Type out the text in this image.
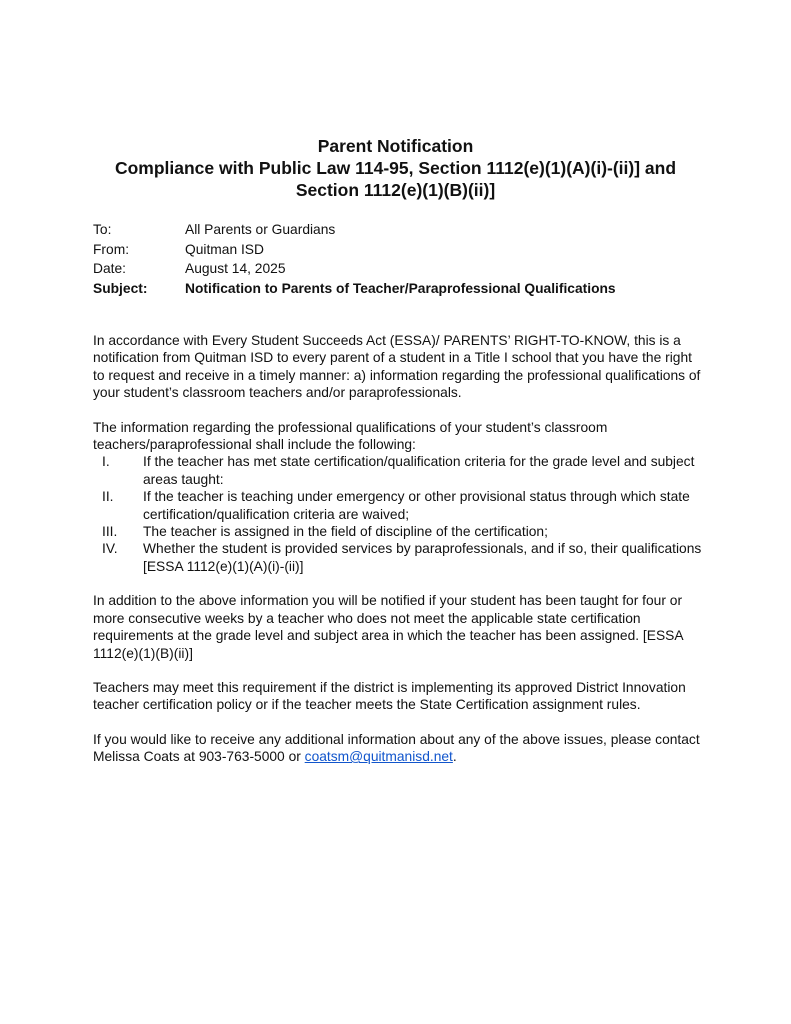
Parent Notification
Compliance with Public Law 114-95, Section 1112(e)(1)(A)(i)-(ii)] and
Section 1112(e)(1)(B)(ii)]
To:	All Parents or Guardians
From:	Quitman ISD
Date:	August 14, 2025
Subject:	Notification to Parents of Teacher/Paraprofessional Qualifications

In accordance with Every Student Succeeds Act (ESSA)/ PARENTS’ RIGHT-TO-KNOW, this is a notification from Quitman ISD to every parent of a student in a Title I school that you have the right to request and receive in a timely manner: a) information regarding the professional qualifications of your student’s classroom teachers and/or paraprofessionals.

The information regarding the professional qualifications of your student’s classroom teachers/paraprofessional shall include the following:

I.	If the teacher has met state certification/qualification criteria for the grade level and subject areas taught:
II.	If the teacher is teaching under emergency or other provisional status through which state certification/qualification criteria are waived;
III.	The teacher is assigned in the field of discipline of the certification;
IV.	Whether the student is provided services by paraprofessionals, and if so, their qualifications [ESSA 1112(e)(1)(A)(i)-(ii)]

In addition to the above information you will be notified if your student has been taught for four or more consecutive weeks by a teacher who does not meet the applicable state certification requirements at the grade level and subject area in which the teacher has been assigned. [ESSA 1112(e)(1)(B)(ii)]

Teachers may meet this requirement if the district is implementing its approved District Innovation teacher certification policy or if the teacher meets the State Certification assignment rules.

If you would like to receive any additional information about any of the above issues, please contact Melissa Coats at 903-763-5000 or coatsm@quitmanisd.net.
